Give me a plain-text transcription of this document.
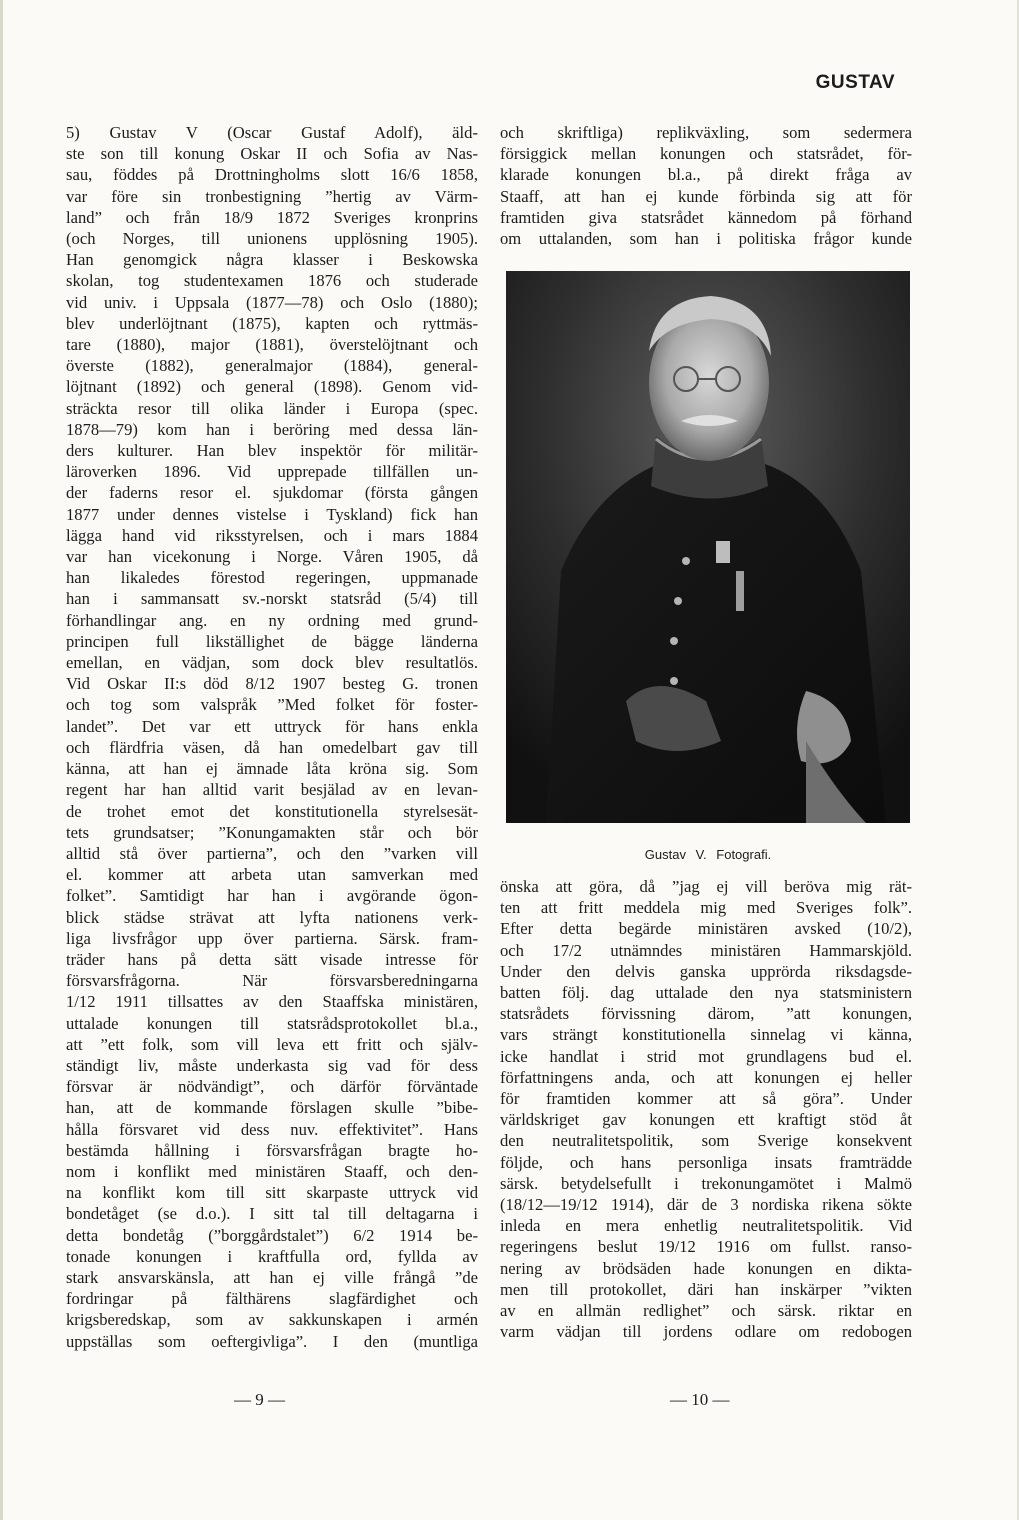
GUSTAV
5) Gustav V (Oscar Gustaf Adolf), äld-
ste son till konung Oskar II och Sofia av Nas-
sau, föddes på Drottningholms slott 16/6 1858,
var före sin tronbestigning ”hertig av Värm-
land” och från 18/9 1872 Sveriges kronprins
(och Norges, till unionens upplösning 1905).
Han genomgick några klasser i Beskowska
skolan, tog studentexamen 1876 och studerade
vid univ. i Uppsala (1877—78) och Oslo (1880);
blev underlöjtnant (1875), kapten och ryttmäs-
tare (1880), major (1881), överstelöjtnant och
överste (1882), generalmajor (1884), general-
löjtnant (1892) och general (1898). Genom vid-
sträckta resor till olika länder i Europa (spec.
1878—79) kom han i beröring med dessa län-
ders kulturer. Han blev inspektör för militär-
läroverken 1896. Vid upprepade tillfällen un-
der faderns resor el. sjukdomar (första gången
1877 under dennes vistelse i Tyskland) fick han
lägga hand vid riksstyrelsen, och i mars 1884
var han vicekonung i Norge. Våren 1905, då
han likaledes förestod regeringen, uppmanade
han i sammansatt sv.-norskt statsråd (5/4) till
förhandlingar ang. en ny ordning med grund-
principen full likställighet de bägge länderna
emellan, en vädjan, som dock blev resultatlös.
Vid Oskar II:s död 8/12 1907 besteg G. tronen
och tog som valspråk ”Med folket för foster-
landet”. Det var ett uttryck för hans enkla
och flärdfria väsen, då han omedelbart gav till
känna, att han ej ämnade låta kröna sig. Som
regent har han alltid varit besjälad av en levan-
de trohet emot det konstitutionella styrelsesät-
tets grundsatser; ”Konungamakten står och bör
alltid stå över partierna”, och den ”varken vill
el. kommer att arbeta utan samverkan med
folket”. Samtidigt har han i avgörande ögon-
blick städse strävat att lyfta nationens verk-
liga livsfrågor upp över partierna. Särsk. fram-
träder hans på detta sätt visade intresse för
försvarsfrågorna. När försvarsberedningarna
1/12 1911 tillsattes av den Staaffska ministären,
uttalade konungen till statsrådsprotokollet bl.a.,
att ”ett folk, som vill leva ett fritt och själv-
ständigt liv, måste underkasta sig vad för dess
försvar är nödvändigt”, och därför förväntade
han, att de kommande förslagen skulle ”bibe-
hålla försvaret vid dess nuv. effektivitet”. Hans
bestämda hållning i försvarsfrågan bragte ho-
nom i konflikt med ministären Staaff, och den-
na konflikt kom till sitt skarpaste uttryck vid
bondetåget (se d.o.). I sitt tal till deltagarna i
detta bondetåg (”borggårdstalet”) 6/2 1914 be-
tonade konungen i kraftfulla ord, fyllda av
stark ansvarskänsla, att han ej ville frångå ”de
fordringar på fälthärens slagfärdighet och
krigsberedskap, som av sakkunskapen i armén
uppställas som oeftergivliga”. I den (muntliga
och skriftliga) replikväxling, som sedermera
försiggick mellan konungen och statsrådet, för-
klarade konungen bl.a., på direkt fråga av
Staaff, att han ej kunde förbinda sig att för
framtiden giva statsrådet kännedom på förhand
om uttalanden, som han i politiska frågor kunde
Gustav V. Fotografi.
önska att göra, då ”jag ej vill beröva mig rät-
ten att fritt meddela mig med Sveriges folk”.
Efter detta begärde ministären avsked (10/2),
och 17/2 utnämndes ministären Hammarskjöld.
Under den delvis ganska upprörda riksdagsde-
batten följ. dag uttalade den nya statsministern
statsrådets förvissning därom, ”att konungen,
vars strängt konstitutionella sinnelag vi känna,
icke handlat i strid mot grundlagens bud el.
författningens anda, och att konungen ej heller
för framtiden kommer att så göra”. Under
världskriget gav konungen ett kraftigt stöd åt
den neutralitetspolitik, som Sverige konsekvent
följde, och hans personliga insats framträdde
särsk. betydelsefullt i trekonungamötet i Malmö
(18/12—19/12 1914), där de 3 nordiska rikena sökte
inleda en mera enhetlig neutralitetspolitik. Vid
regeringens beslut 19/12 1916 om fullst. ranso-
nering av brödsäden hade konungen en dikta-
men till protokollet, däri han inskärper ”vikten
av en allmän redlighet” och särsk. riktar en
varm vädjan till jordens odlare om redobogen
— 9 —	— 10 —
